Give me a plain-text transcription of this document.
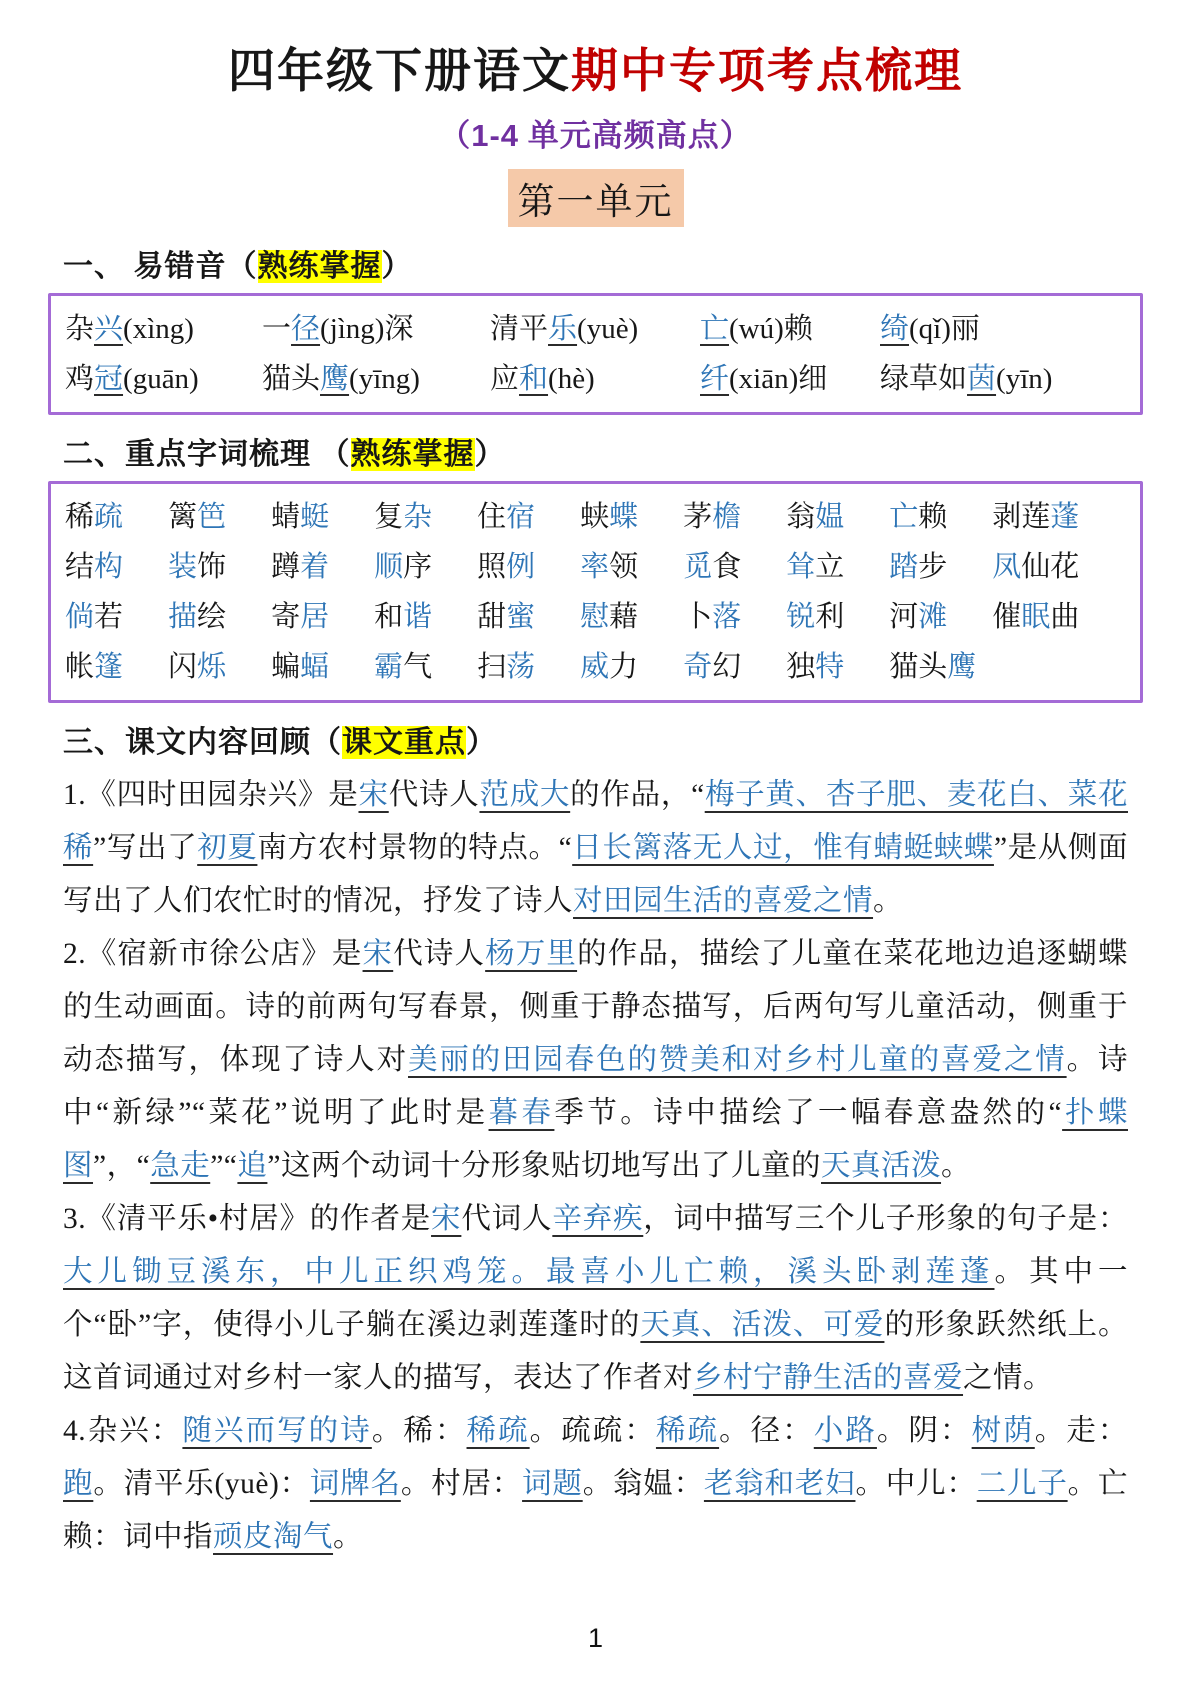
四年级下册语文期中专项考点梳理
（1-4 单元高频高点）
第一单元
一、 易错音（熟练掌握）
杂兴(xìng)	一径(jìng)深	清平乐(yuè)	亡(wú)赖	绮(qǐ)丽
鸡冠(guān)	猫头鹰(yīng)	应和(hè)	纤(xiān)细	绿草如茵(yīn)
二、重点字词梳理 （熟练掌握）
稀疏 篱笆 蜻蜓 复杂 住宿 蛱蝶 茅檐 翁媪 亡赖 剥莲蓬
结构 装饰 蹲着 顺序 照例 率领 觅食 耸立 踏步 凤仙花
倘若 描绘 寄居 和谐 甜蜜 慰藉 卜落 锐利 河滩 催眠曲
帐篷 闪烁 蝙蝠 霸气 扫荡 威力 奇幻 独特 猫头鹰
三、课文内容回顾（课文重点）

1.《四时田园杂兴》是宋代诗人范成大的作品，“梅子黄、杏子肥、麦花白、菜花稀”写出了初夏南方农村景物的特点。“日长篱落无人过，惟有蜻蜓蛱蝶”是从侧面写出了人们农忙时的情况，抒发了诗人对田园生活的喜爱之情。

2.《宿新市徐公店》是宋代诗人杨万里的作品，描绘了儿童在菜花地边追逐蝴蝶的生动画面。诗的前两句写春景，侧重于静态描写，后两句写儿童活动，侧重于动态描写，体现了诗人对美丽的田园春色的赞美和对乡村儿童的喜爱之情。诗中“新绿”“菜花”说明了此时是暮春季节。诗中描绘了一幅春意盎然的“扑蝶图”，“急走”“追”这两个动词十分形象贴切地写出了儿童的天真活泼。

3.《清平乐•村居》的作者是宋代词人辛弃疾，词中描写三个儿子形象的句子是：大儿锄豆溪东，中儿正织鸡笼。最喜小儿亡赖，溪头卧剥莲蓬。其中一个“卧”字，使得小儿子躺在溪边剥莲蓬时的天真、活泼、可爱的形象跃然纸上。这首词通过对乡村一家人的描写，表达了作者对乡村宁静生活的喜爱之情。

4.杂兴：随兴而写的诗。稀：稀疏。疏疏：稀疏。径：小路。阴：树荫。走：跑。清平乐(yuè)：词牌名。村居：词题。翁媪：老翁和老妇。中儿：二儿子。亡赖：词中指顽皮淘气。

1
